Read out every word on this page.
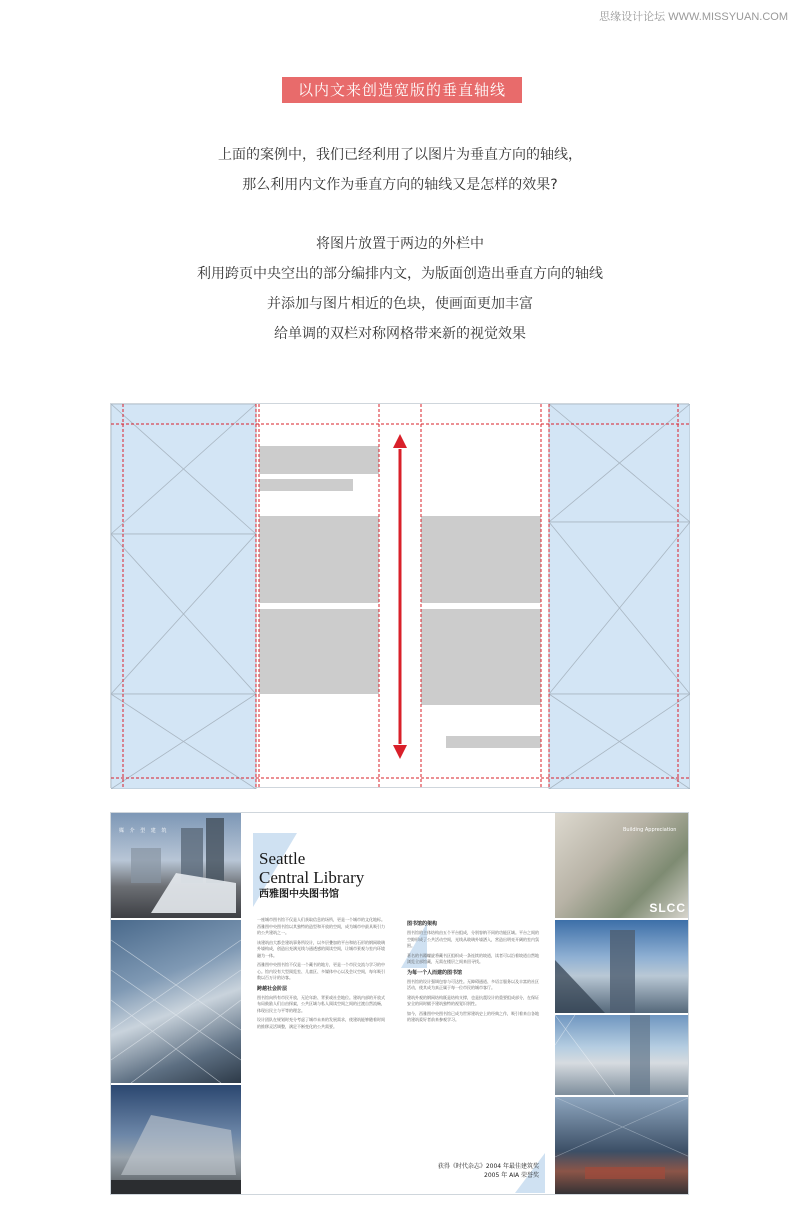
思缘设计论坛 WWW.MISSYUAN.COM
以内文来创造宽版的垂直轴线

上面的案例中，我们已经利用了以图片为垂直方向的轴线，

那么利用内文作为垂直方向的轴线又是怎样的效果?

将图片放置于两边的外栏中

利用跨页中央空出的部分编排内文，为版面创造出垂直方向的轴线

并添加与图片相近的色块，使画面更加丰富

给单调的双栏对称网格带来新的视觉效果

媒 介 型 建 筑	Building Appreciation
SLCC
Seattle
Central Library
西雅图中央图书馆
一座城市图书馆不仅是人们获取信息的场所，更是一个城市的文化地标。西雅图中央图书馆以其独特的造型和开放的空间，成为城市中最具吸引力的公共建筑之一。
该建筑由大都会建筑事务所设计，以多层叠加的平台和钻石形的钢网玻璃外墙构成，创造出充满光线与通透感的阅读空间，让城市景观与室内环境融为一体。
西雅图中央图书馆不仅是一个藏书的地方，更是一个市民交流与学习的中心。馆内设有大型阅览室、儿童区、多媒体中心以及会议空间，每年吸引数以百万计的访客。
跨越社会阶层
图书馆向所有市民开放，无论年龄、背景或社会地位。建筑内部的开放式布局鼓励人们自由探索，公共区域与私人阅读空间之间的过渡自然流畅，体现出民主与平等的理念。
设计团队在规划时充分考虑了城市未来的发展需求，使建筑能够随着时间的推移灵活调整，满足不断变化的公共需要。
图书馆的架构
图书馆的主体结构由五个平台组成，分别容纳不同的功能区域。平台之间的空隙形成了公共活动空间，光线从玻璃外墙洒入，营造出明亮开阔的室内氛围。
著名的书籍螺旋将藏书区组织成一条连续的坡道，读者可以沿着坡道自然地浏览全部馆藏，无需在楼层之间来回寻找。
为每一个人而建的图书馆
图书馆的设计强调包容与可达性。无障碍通道、多语言服务以及丰富的社区活动，使其成为真正属于每一位市民的城市客厅。
建筑外观的钢网结构既是结构支撑，也是抗震设计的重要组成部分，在保证安全的同时赋予建筑独特的视觉识别性。
如今，西雅图中央图书馆已成为世界建筑史上的经典之作，吸引着来自各地的建筑爱好者前来参观学习。
获得《时代杂志》2004 年最佳建筑奖
2005 年 AIA 荣誉奖
